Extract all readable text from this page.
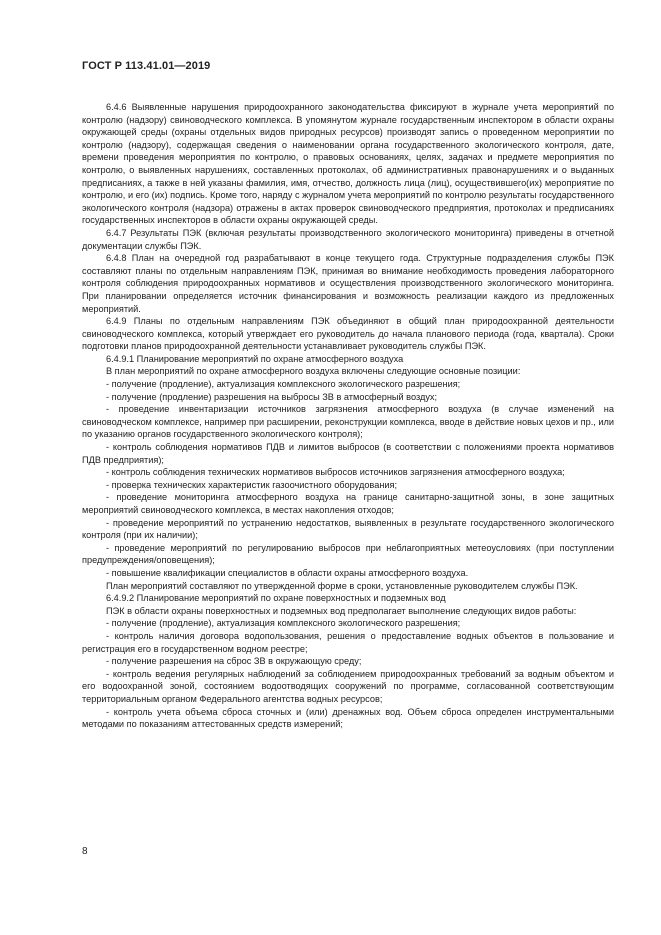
ГОСТ Р 113.41.01—2019

6.4.6 Выявленные нарушения природоохранного законодательства фиксируют в журнале учета мероприятий по контролю (надзору) свиноводческого комплекса. В упомянутом журнале государственным инспектором в области охраны окружающей среды (охраны отдельных видов природных ресурсов) производят запись о проведенном мероприятии по контролю (надзору), содержащая сведения о наименовании органа государственного экологического контроля, дате, времени проведения мероприятия по контролю, о правовых основаниях, целях, задачах и предмете мероприятия по контролю, о выявленных нарушениях, составленных протоколах, об административных правонарушениях и о выданных предписаниях, а также в ней указаны фамилия, имя, отчество, должность лица (лиц), осуществившего(их) мероприятие по контролю, и его (их) подпись. Кроме того, наряду с журналом учета мероприятий по контролю результаты государственного экологического контроля (надзора) отражены в актах проверок свиноводческого предприятия, протоколах и предписаниях государственных инспекторов в области охраны окружающей среды.

6.4.7 Результаты ПЭК (включая результаты производственного экологического мониторинга) приведены в отчетной документации службы ПЭК.

6.4.8 План на очередной год разрабатывают в конце текущего года. Структурные подразделения службы ПЭК составляют планы по отдельным направлениям ПЭК, принимая во внимание необходимость проведения лабораторного контроля соблюдения природоохранных нормативов и осуществления производственного экологического мониторинга. При планировании определяется источник финансирования и возможность реализации каждого из предложенных мероприятий.

6.4.9 Планы по отдельным направлениям ПЭК объединяют в общий план природоохранной деятельности свиноводческого комплекса, который утверждает его руководитель до начала планового периода (года, квартала). Сроки подготовки планов природоохранной деятельности устанавливает руководитель службы ПЭК.

6.4.9.1 Планирование мероприятий по охране атмосферного воздуха

В план мероприятий по охране атмосферного воздуха включены следующие основные позиции:

- получение (продление), актуализация комплексного экологического разрешения;

- получение (продление) разрешения на выбросы ЗВ в атмосферный воздух;

- проведение инвентаризации источников загрязнения атмосферного воздуха (в случае изменений на свиноводческом комплексе, например при расширении, реконструкции комплекса, вводе в действие новых цехов и пр., или по указанию органов государственного экологического контроля);

- контроль соблюдения нормативов ПДВ и лимитов выбросов (в соответствии с положениями проекта нормативов ПДВ предприятия);

- контроль соблюдения технических нормативов выбросов источников загрязнения атмосферного воздуха;

- проверка технических характеристик газоочистного оборудования;

- проведение мониторинга атмосферного воздуха на границе санитарно-защитной зоны, в зоне защитных мероприятий свиноводческого комплекса, в местах накопления отходов;

- проведение мероприятий по устранению недостатков, выявленных в результате государственного экологического контроля (при их наличии);

- проведение мероприятий по регулированию выбросов при неблагоприятных метеоусловиях (при поступлении предупреждения/оповещения);

- повышение квалификации специалистов в области охраны атмосферного воздуха.

План мероприятий составляют по утвержденной форме в сроки, установленные руководителем службы ПЭК.

6.4.9.2 Планирование мероприятий по охране поверхностных и подземных вод

ПЭК в области охраны поверхностных и подземных вод предполагает выполнение следующих видов работы:

- получение (продление), актуализация комплексного экологического разрешения;

- контроль наличия договора водопользования, решения о предоставление водных объектов в пользование и регистрация его в государственном водном реестре;

- получение разрешения на сброс ЗВ в окружающую среду;

- контроль ведения регулярных наблюдений за соблюдением природоохранных требований за водным объектом и его водоохранной зоной, состоянием водоотводящих сооружений по программе, согласованной соответствующим территориальным органом Федерального агентства водных ресурсов;

- контроль учета объема сброса сточных и (или) дренажных вод. Объем сброса определен инструментальными методами по показаниям аттестованных средств измерений;

8
